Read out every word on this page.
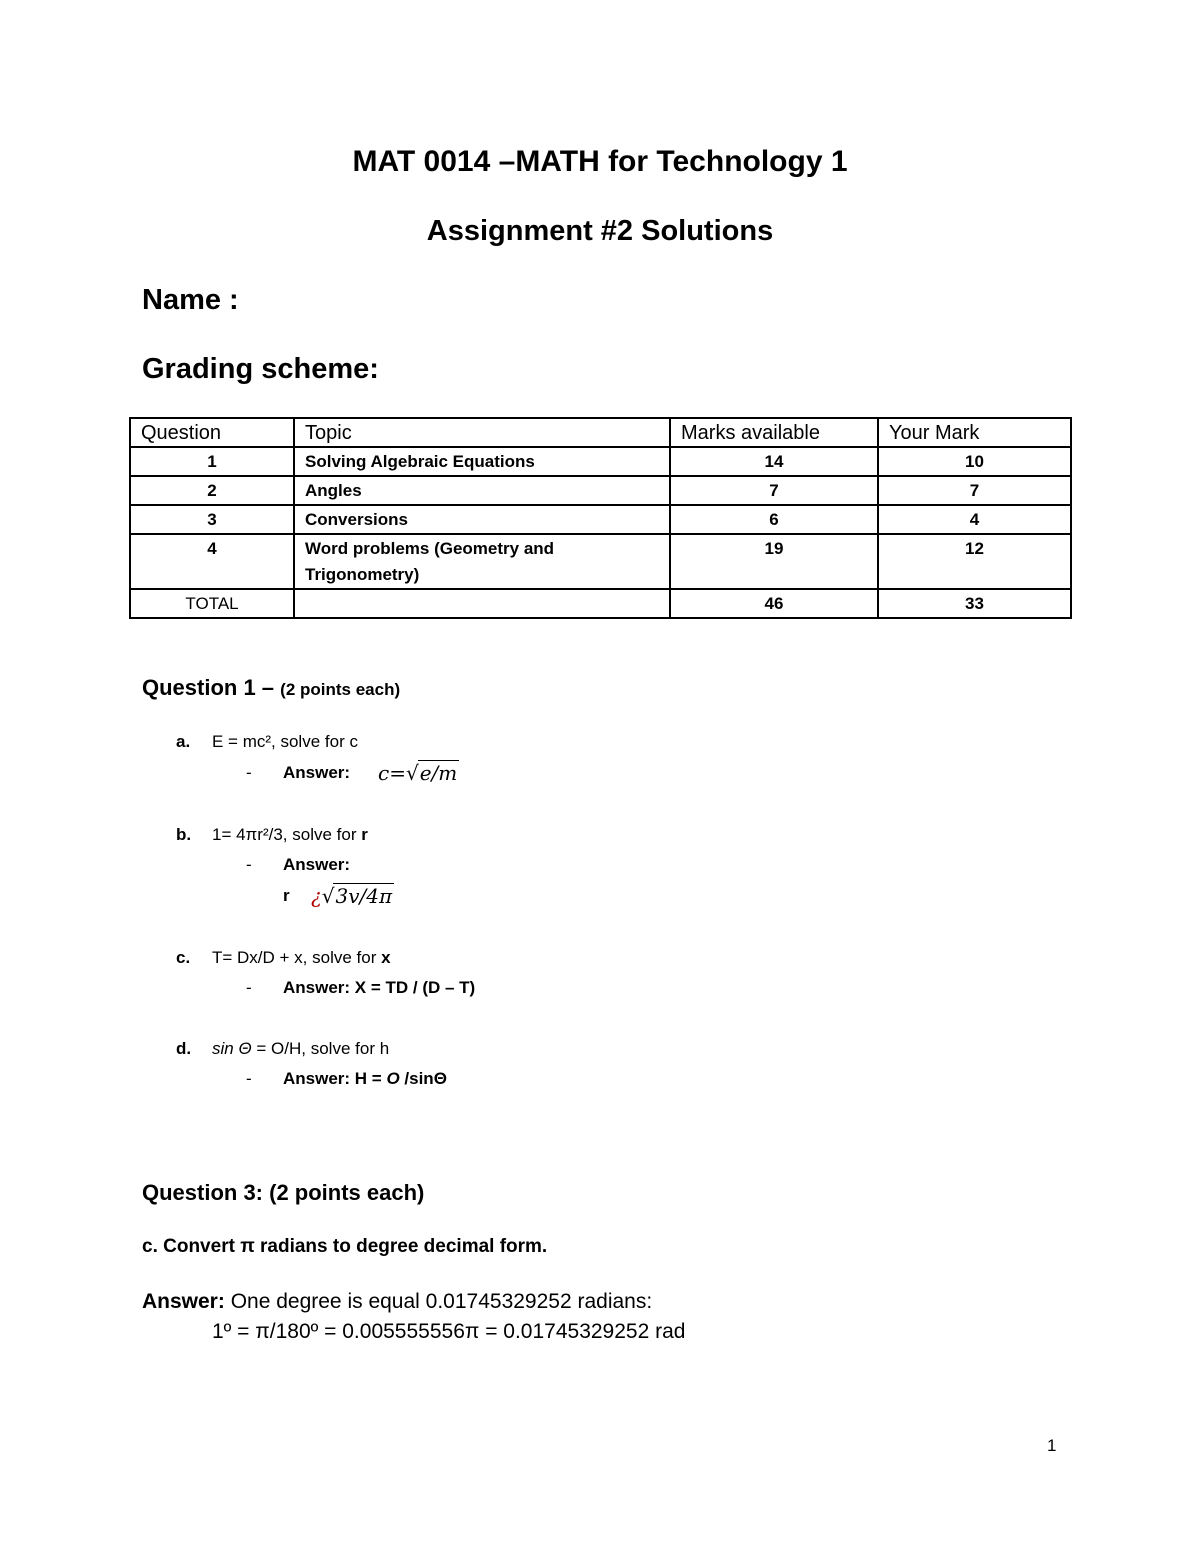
MAT 0014 –MATH for Technology 1
Assignment #2 Solutions
Name :
Grading scheme:
Question	Topic	Marks available	Your Mark
1	Solving Algebraic Equations	14	10
2	Angles	7	7
3	Conversions	6	4
4	Word problems (Geometry and Trigonometry)	19	12
TOTAL		46	33
Question 1 – (2 points each)
a. E = mc², solve for c
- Answer: c=√e/m
b. 1= 4πr²/3, solve for r
- Answer:
r ¿√3v/4π
c. T= Dx/D + x, solve for x
- Answer: X = TD / (D – T)
d. sin Θ = O/H, solve for h
- Answer: H = O /sinΘ
Question 3: (2 points each)
c. Convert π radians to degree decimal form.
Answer: One degree is equal 0.01745329252 radians:
1º = π/180º = 0.005555556π = 0.01745329252 rad
1
